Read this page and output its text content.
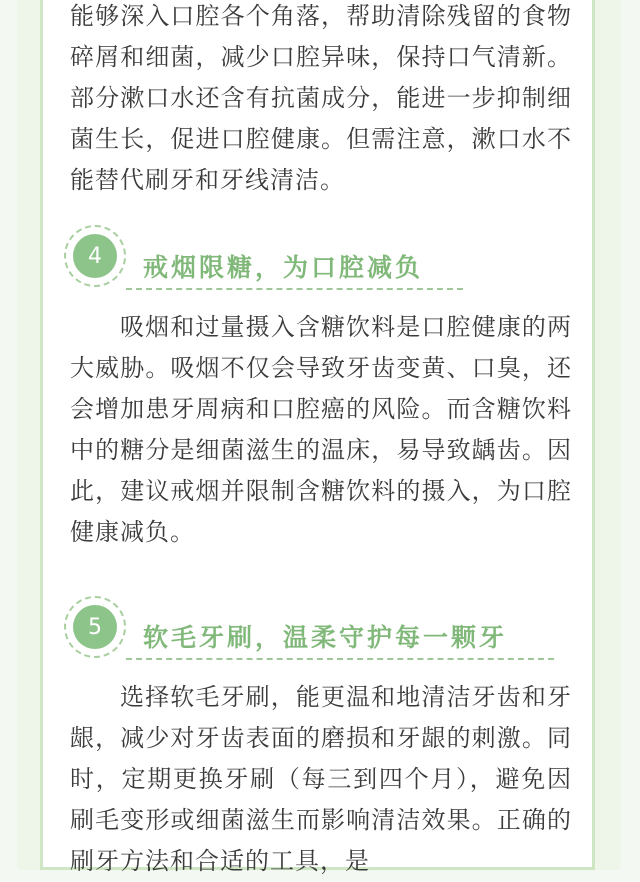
能够深入口腔各个角落，帮助清除残留的食物碎屑和细菌，减少口腔异味，保持口气清新。部分漱口水还含有抗菌成分，能进一步抑制细菌生长，促进口腔健康。但需注意，漱口水不能替代刷牙和牙线清洁。

4	戒烟限糖，为口腔减负

吸烟和过量摄入含糖饮料是口腔健康的两大威胁。吸烟不仅会导致牙齿变黄、口臭，还会增加患牙周病和口腔癌的风险。而含糖饮料中的糖分是细菌滋生的温床，易导致龋齿。因此，建议戒烟并限制含糖饮料的摄入，为口腔健康减负。

5	软毛牙刷，温柔守护每一颗牙

选择软毛牙刷，能更温和地清洁牙齿和牙龈，减少对牙齿表面的磨损和牙龈的刺激。同时，定期更换牙刷（每三到四个月），避免因刷毛变形或细菌滋生而影响清洁效果。正确的刷牙方法和合适的工具，是
